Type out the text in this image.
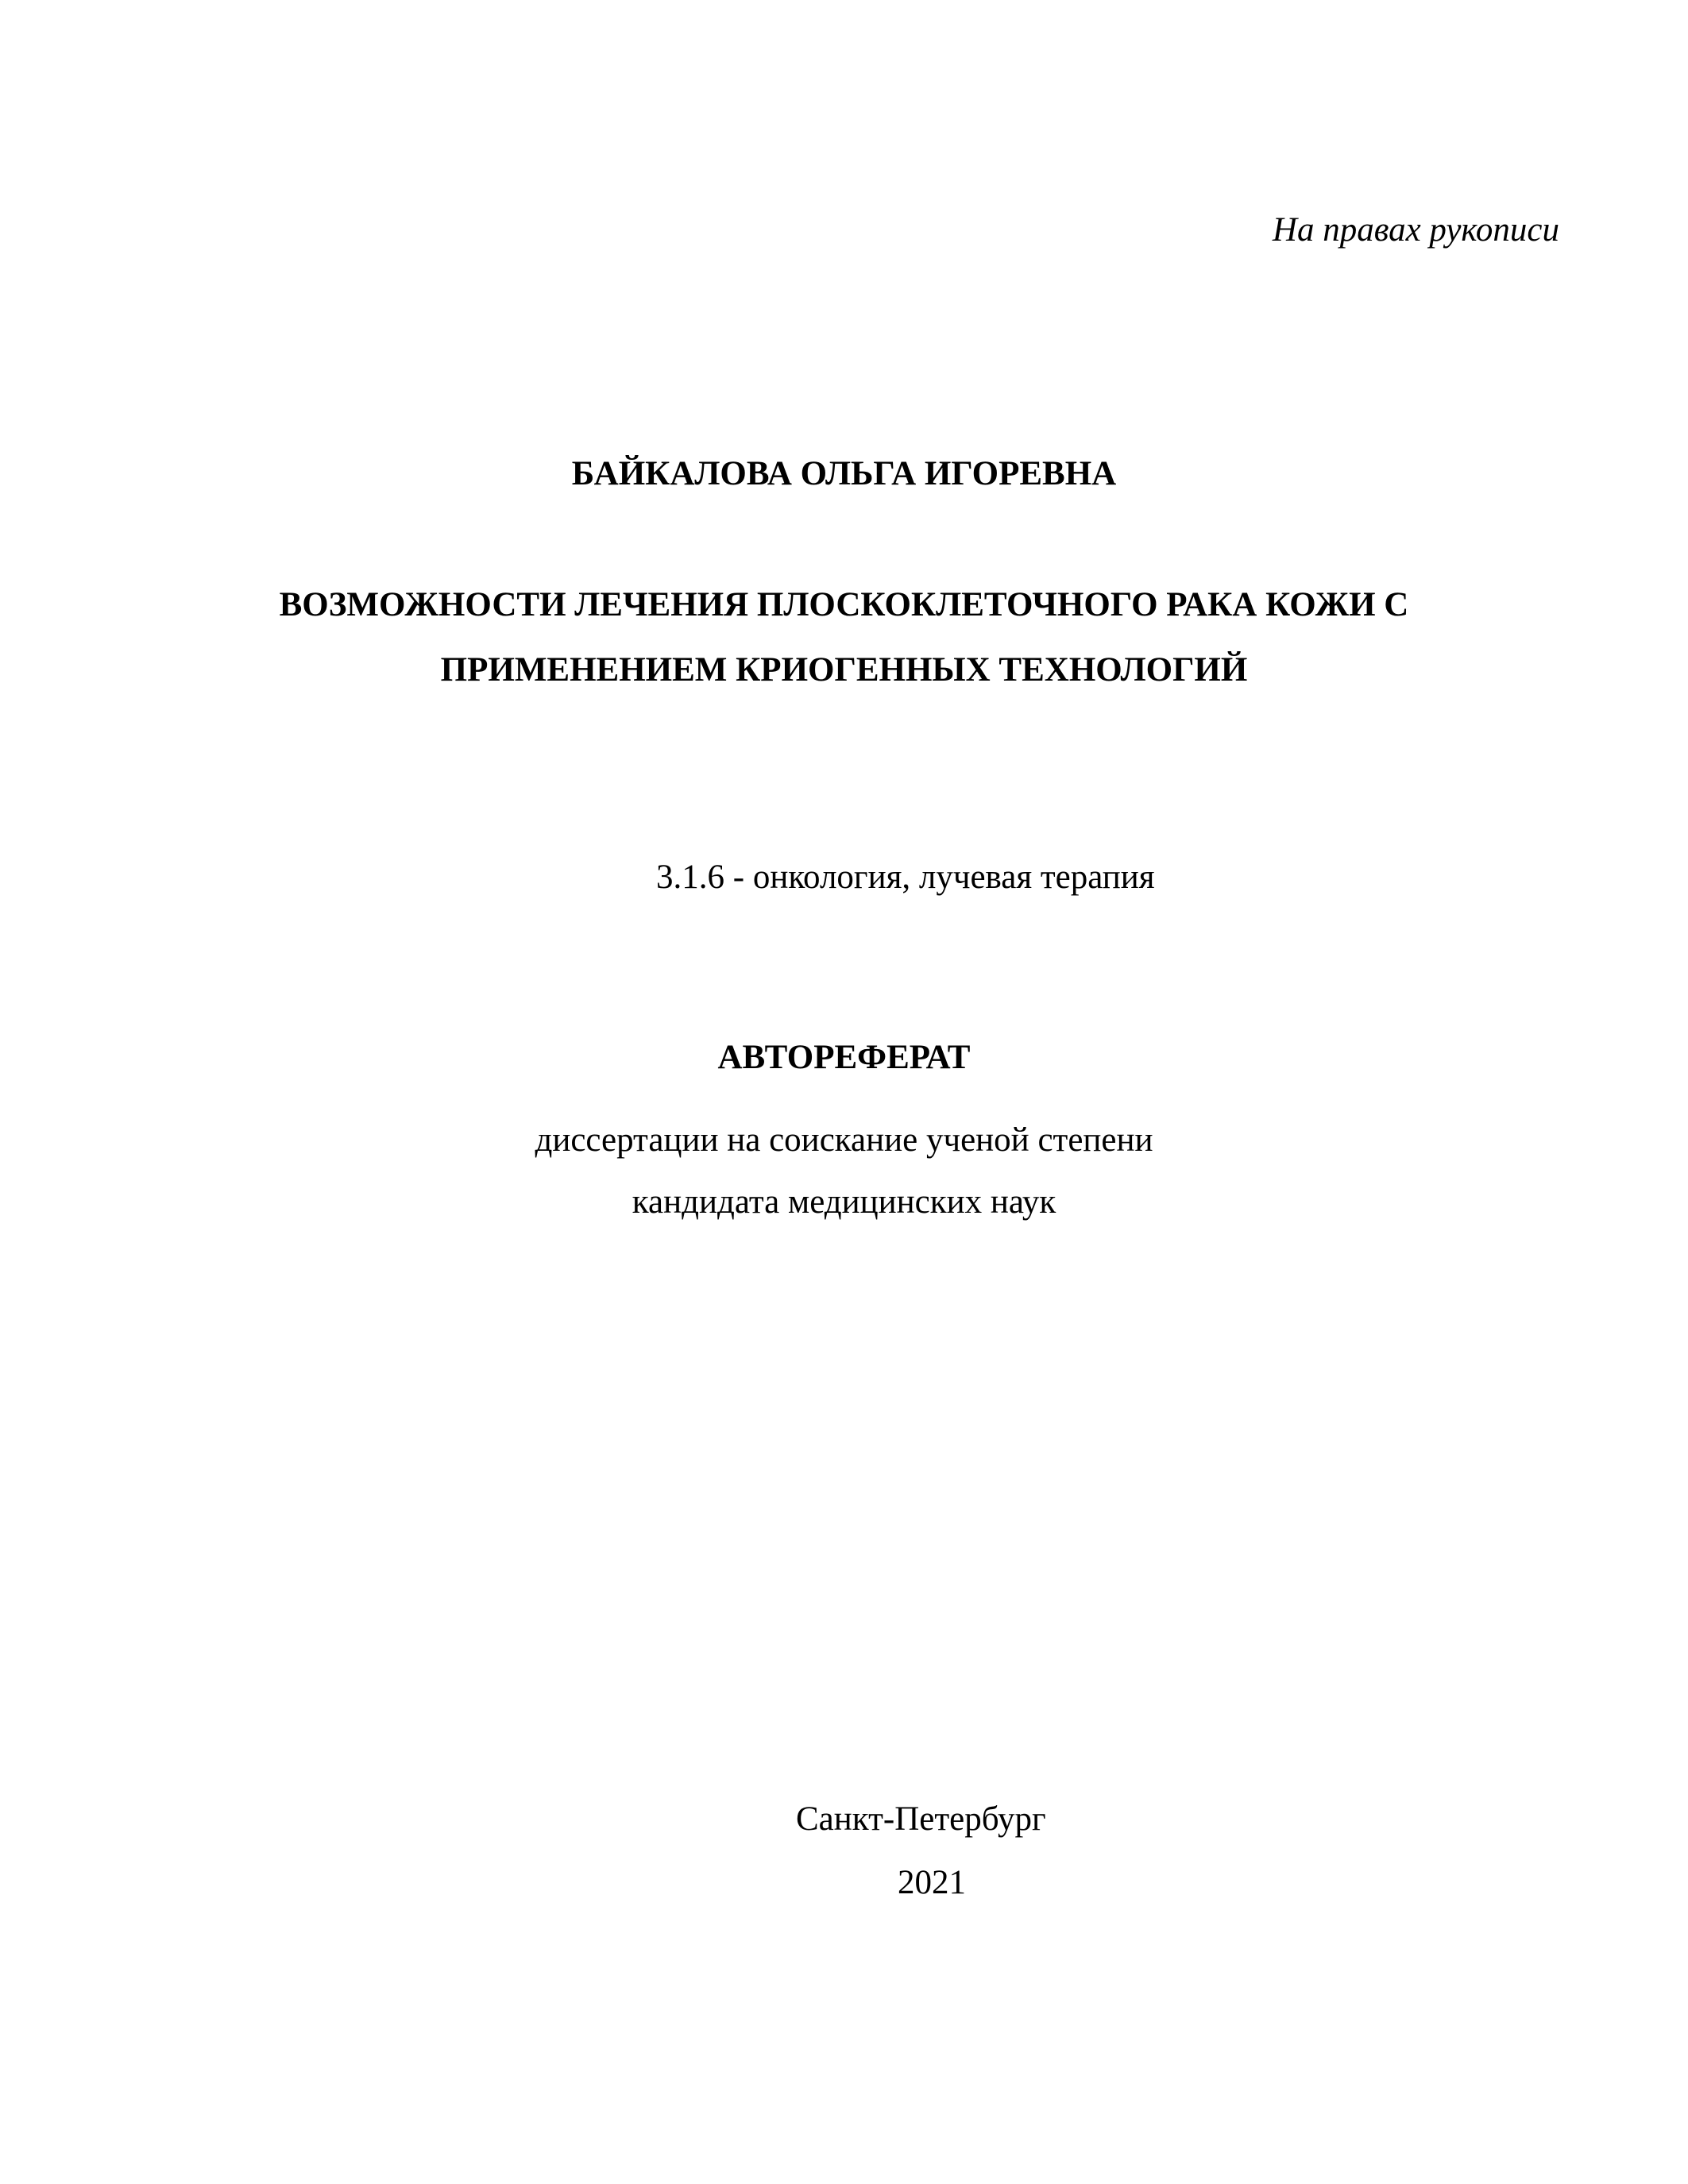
На правах рукописи

БАЙКАЛОВА ОЛЬГА ИГОРЕВНА

ВОЗМОЖНОСТИ ЛЕЧЕНИЯ ПЛОСКОКЛЕТОЧНОГО РАКА КОЖИ С

ПРИМЕНЕНИЕМ КРИОГЕННЫХ ТЕХНОЛОГИЙ

3.1.6 - онкология, лучевая терапия

АВТОРЕФЕРАТ

диссертации на соискание ученой степени

кандидата медицинских наук

Санкт-Петербург

2021
